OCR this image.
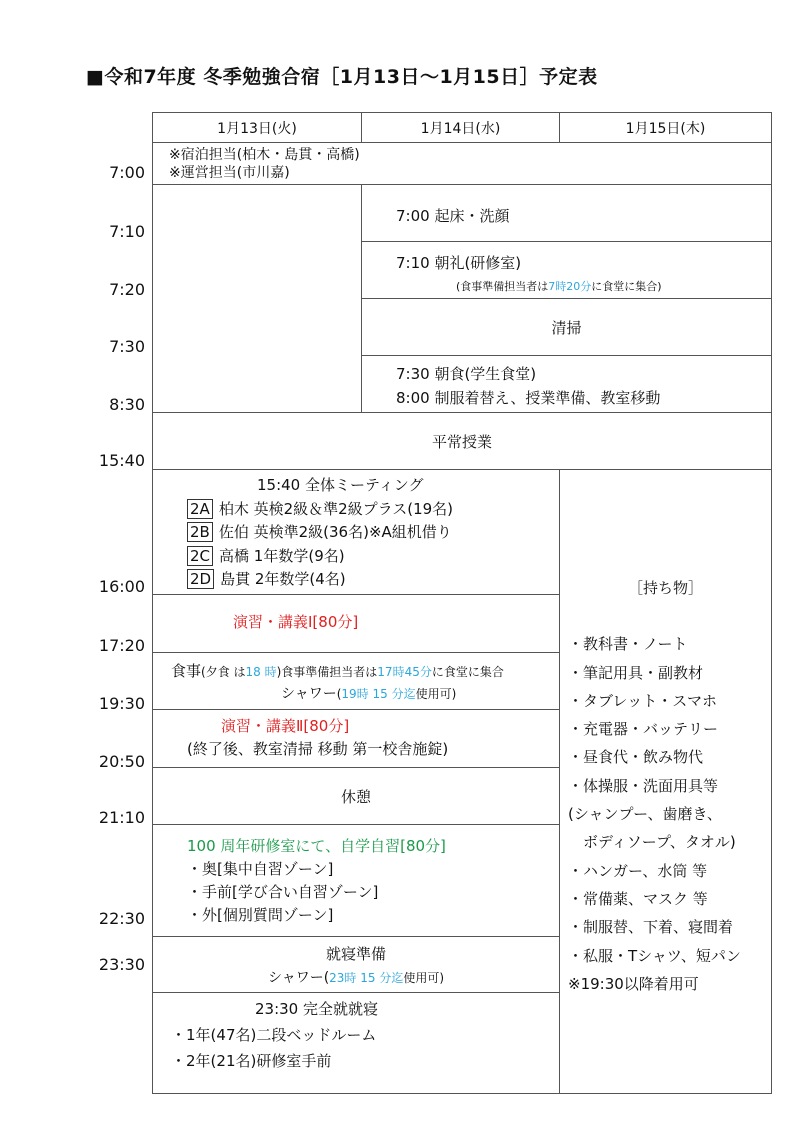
■令和7年度 冬季勉強合宿［1月13日～1月15日］予定表
7:00
7:10
7:20
7:30
8:30
15:40
16:00
17:20
19:30
20:50
21:10
22:30
23:30
1月13日(火)	1月14日(水)	1月15日(木)
※宿泊担当(柏木・島貫・高橋)
※運営担当(市川嘉)
7:00 起床・洗顔
7:10 朝礼(研修室)
(食事準備担当者は7時20分に食堂に集合)
清掃
7:30 朝食(学生食堂)
8:00 制服着替え、授業準備、教室移動
平常授業
15:40 全体ミーティング
2A 柏木 英検2級＆準2級プラス(19名)
2B 佐伯 英検準2級(36名)※A組机借り
2C 高橋 1年数学(9名)
2D 島貫 2年数学(4名)
演習・講義Ⅰ[80分]
食事(夕食 は18 時)食事準備担当者は17時45分に食堂に集合
シャワー(19時 15 分迄使用可)
演習・講義Ⅱ[80分]
(終了後、教室清掃 移動 第一校舎施錠)
休憩
100 周年研修室にて、自学自習[80分]
・奥[集中自習ゾーン]
・手前[学び合い自習ゾーン]
・外[個別質問ゾーン]
就寝準備
シャワー(23時 15 分迄使用可)
23:30 完全就就寝
・1年(47名)二段ベッドルーム
・2年(21名)研修室手前
［持ち物］
・教科書・ノート
・筆記用具・副教材
・タブレット・スマホ
・充電器・バッテリー
・昼食代・飲み物代
・体操服・洗面用具等
(シャンプー、歯磨き、
　ボディソープ、タオル)
・ハンガー、水筒 等
・常備薬、マスク 等
・制服替、下着、寝間着
・私服・Tシャツ、短パン
※19:30以降着用可
